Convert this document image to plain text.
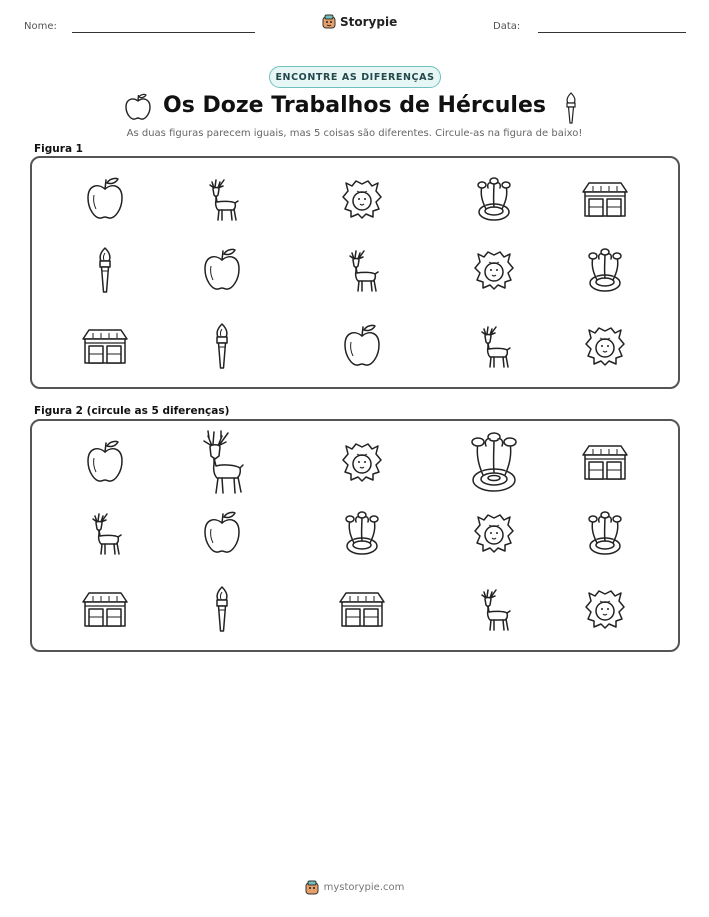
Nome:	Storypie	Data:
ENCONTRE AS DIFERENÇAS
Os Doze Trabalhos de Hércules
As duas figuras parecem iguais, mas 5 coisas são diferentes. Circule-as na figura de baixo!
Figura 1
Figura 2 (circule as 5 diferenças)
mystorypie.com
